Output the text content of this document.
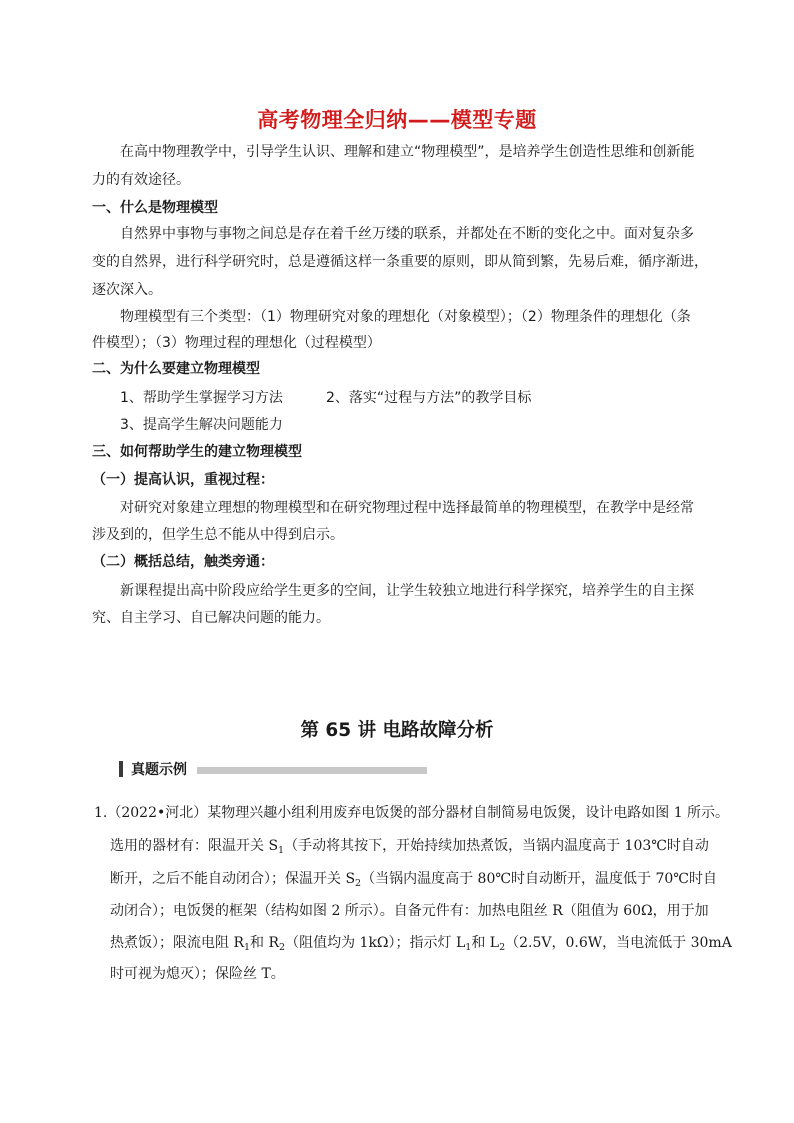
高考物理全归纳——模型专题
在高中物理教学中，引导学生认识、理解和建立“物理模型”，是培养学生创造性思维和创新能
力的有效途径。
一、什么是物理模型
自然界中事物与事物之间总是存在着千丝万缕的联系，并都处在不断的变化之中。面对复杂多
变的自然界，进行科学研究时，总是遵循这样一条重要的原则，即从简到繁，先易后难，循序渐进，
逐次深入。
物理模型有三个类型：（1）物理研究对象的理想化（对象模型）；（2）物理条件的理想化（条
件模型）；（3）物理过程的理想化（过程模型）
二、为什么要建立物理模型
1、帮助学生掌握学习方法	2、落实“过程与方法”的教学目标
3、提高学生解决问题能力
三、如何帮助学生的建立物理模型
（一）提高认识，重视过程：
对研究对象建立理想的物理模型和在研究物理过程中选择最简单的物理模型，在教学中是经常
涉及到的，但学生总不能从中得到启示。
（二）概括总结，触类旁通：
新课程提出高中阶段应给学生更多的空间，让学生较独立地进行科学探究，培养学生的自主探
究、自主学习、自已解决问题的能力。
第 65 讲 电路故障分析
真题示例
1.（2022•河北）某物理兴趣小组利用废弃电饭煲的部分器材自制简易电饭煲，设计电路如图 1 所示。
选用的器材有：限温开关 $S_1$（手动将其按下，开始持续加热煮饭，当锅内温度高于 103℃时自动
断开，之后不能自动闭合）；保温开关 $S_2$（当锅内温度高于 80℃时自动断开，温度低于 70℃时自
动闭合）；电饭煲的框架（结构如图 2 所示）。自备元件有：加热电阻丝 R（阻值为 60Ω，用于加
热煮饭）；限流电阻 $R_1$和 $R_2$（阻值均为 1kΩ）；指示灯 $L_1$和 $L_2(2.5V$，0.6W，当电流低于 30mA
时可视为熄灭）；保险丝 T。
